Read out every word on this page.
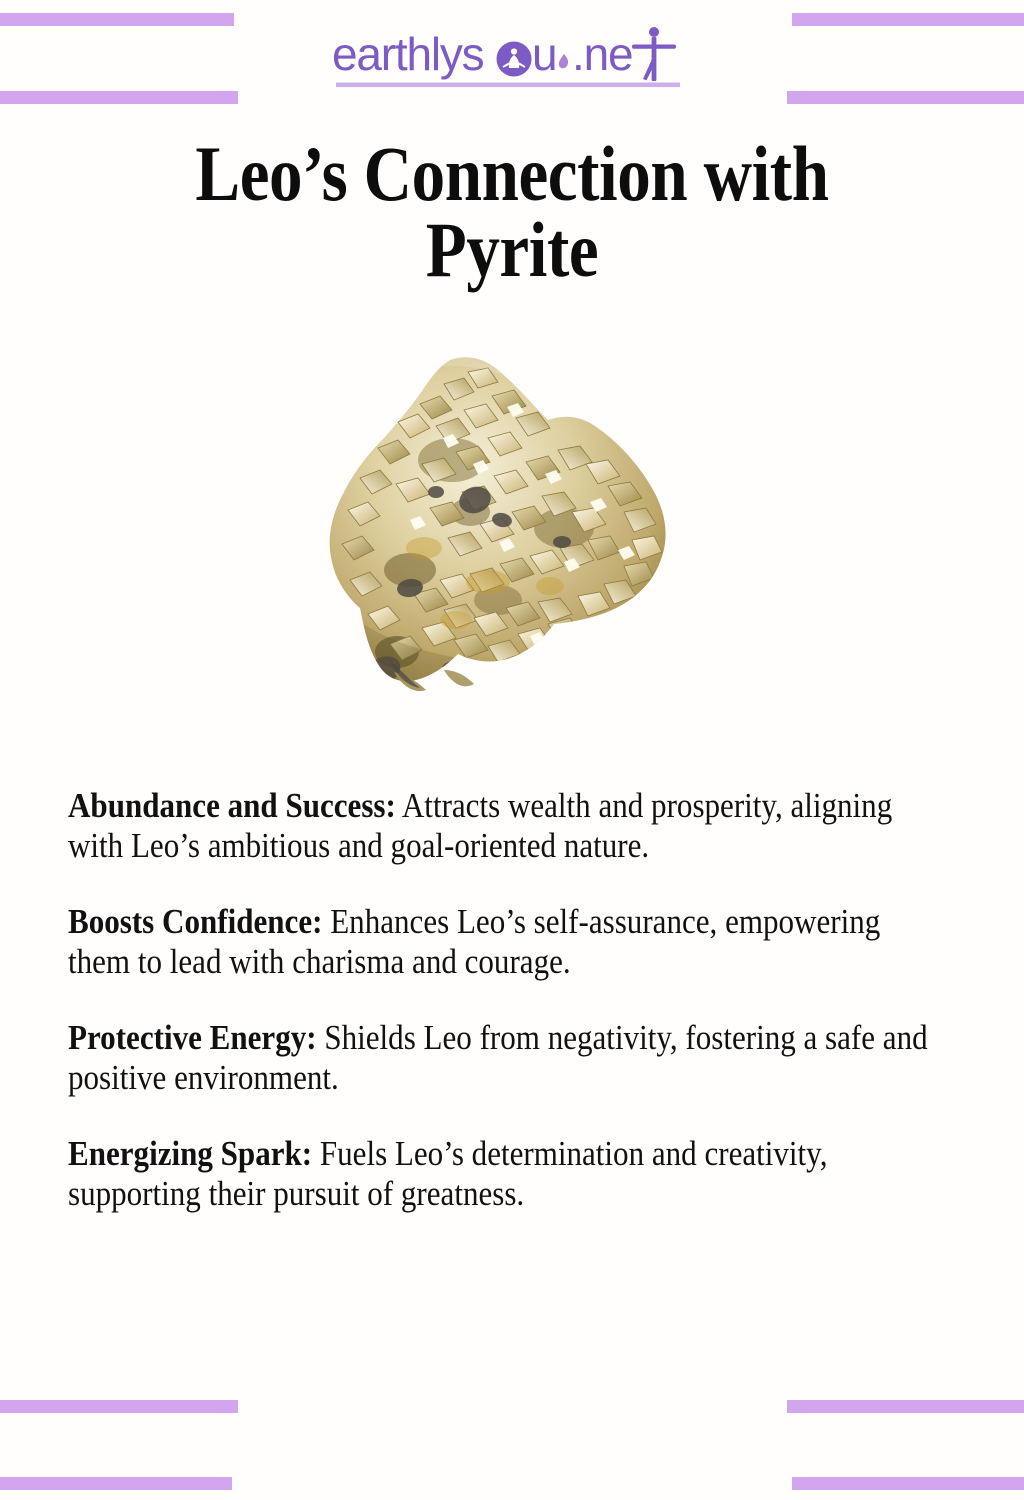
earthlys u .ne
Leo’s Connection with Pyrite

Abundance and Success: Attracts wealth and prosperity, aligning with Leo’s ambitious and goal-oriented nature.

Boosts Confidence: Enhances Leo’s self-assurance, empowering them to lead with charisma and courage.

Protective Energy: Shields Leo from negativity, fostering a safe and positive environment.

Energizing Spark: Fuels Leo’s determination and creativity, supporting their pursuit of greatness.
